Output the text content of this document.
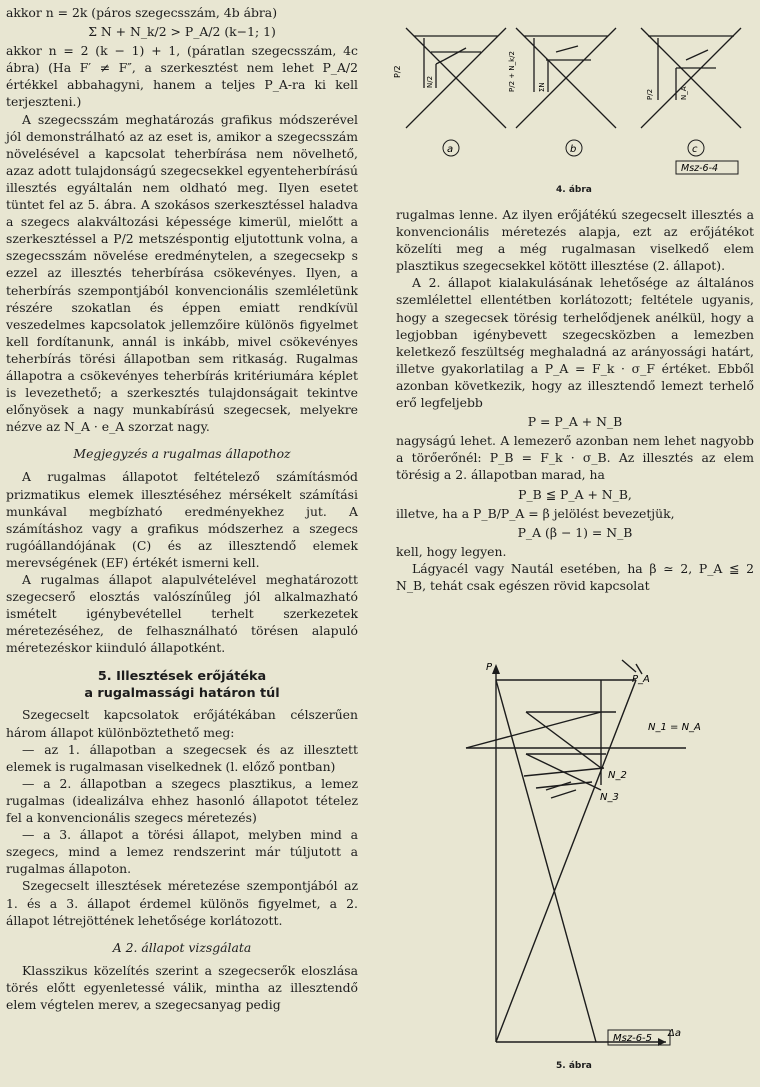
akkor n = 2k (páros szegecsszám, 4b ábra)

Σ N + N_k/2 > P_A/2 (k−1; 1)

akkor n = 2 (k − 1) + 1, (páratlan szegecsszám, 4c ábra) (Ha F′ ≠ F″, a szerkesztést nem lehet P_A/2 értékkel abbahagyni, hanem a teljes P_A-ra ki kell terjeszteni.)

A szegecsszám meghatározás grafikus módszerével jól demonstrálható az az eset is, amikor a szegecsszám növelésével a kapcsolat teherbírása nem növelhető, azaz adott tulajdonságú szegecsekkel egyenteherbírású illesztés egyáltalán nem oldható meg. Ilyen esetet tüntet fel az 5. ábra. A szokásos szerkesztéssel haladva a szegecs alakváltozási képessége kimerül, mielőtt a szerkesztéssel a P/2 metszéspontig eljutottunk volna, a szegecsszám növelése eredménytelen, a szegecsekp s ezzel az illesztés teherbírása csökevényes. Ilyen, a teherbírás szempontjából konvencionális szemléletünk részére szokatlan és éppen emiatt rendkívül veszedelmes kapcsolatok jellemzőire különös figyelmet kell fordítanunk, annál is inkább, mivel csökevényes teherbírás törési állapotban sem ritkaság. Rugalmas állapotra a csökevényes teherbírás kritériumára képlet is levezethető; a szerkesztés tulajdonságait tekintve előnyösek a nagy munkabírású szegecsek, melyekre nézve az N_A · e_A szorzat nagy.

Megjegyzés a rugalmas állapothoz

A rugalmas állapotot feltételező számításmód prizmatikus elemek illesztéséhez mérsékelt számítási munkával megbízható eredményekhez jut. A számításhoz vagy a grafikus módszerhez a szegecs rugóállandójának (C) és az illesztendő elemek merevségének (EF) értékét ismerni kell.

A rugalmas állapot alapulvételével meghatározott szegecserő elosztás valószínűleg jól alkalmazható ismételt igénybevétellel terhelt szerkezetek méretezéséhez, de felhasználható törésen alapuló méretezéskor kiinduló állapotként.

5. Illesztések erőjátéka

a rugalmassági határon túl

Szegecselt kapcsolatok erőjátékában célszerűen három állapot különböztethető meg:

— az 1. állapotban a szegecsek és az illesztett elemek is rugalmasan viselkednek (l. előző pontban)

— a 2. állapotban a szegecs plasztikus, a lemez rugalmas (idealizálva ehhez hasonló állapotot tételez fel a konvencionális szegecs méretezés)

— a 3. állapot a törési állapot, melyben mind a szegecs, mind a lemez rendszerint már túljutott a rugalmas állapoton.

Szegecselt illesztések méretezése szempontjából az 1. és a 3. állapot érdemel különös figyelmet, a 2. állapot létrejöttének lehetősége korlátozott.

A 2. állapot vizsgálata

Klasszikus közelítés szerint a szegecserők eloszlása törés előtt egyenletessé válik, mintha az illesztendő elem végtelen merev, a szegecsanyag pedig

P/2
N/2	P/2 + N_k/2	ΣN
P/2	N_A
a	b	c
Msz-6-4
4. ábra

rugalmas lenne. Az ilyen erőjátékú szegecselt illesztés a konvencionális méretezés alapja, ezt az erőjátékot közelíti meg a még rugalmasan viselkedő elem plasztikus szegecsekkel kötött illesztése (2. állapot).

A 2. állapot kialakulásának lehetősége az általános szemlélettel ellentétben korlátozott; feltétele ugyanis, hogy a szegecsek törésig terhelődjenek anélkül, hogy a legjobban igénybevett szegecsközben a lemezben keletkező feszültség meghaladná az arányossági határt, illetve gyakorlatilag a P_A = F_k · σ_F értéket. Ebből azonban következik, hogy az illesztendő lemezt terhelő erő legfeljebb

P = P_A + N_B

nagyságú lehet. A lemezerő azonban nem lehet nagyobb a törőerőnél: P_B = F_k · σ_B. Az illesztés az elem törésig a 2. állapotban marad, ha

P_B ≦ P_A + N_B,

illetve, ha a P_B/P_A = β jelölést bevezetjük,

P_A (β − 1) = N_B

kell, hogy legyen.

Lágyacél vagy Nautál esetében, ha β ≃ 2, P_A ≦ 2 N_B, tehát csak egészen rövid kapcsolat

P
P_A
N_1 = N_A
N_2
N_3
Δa
Msz-6-5
5. ábra
